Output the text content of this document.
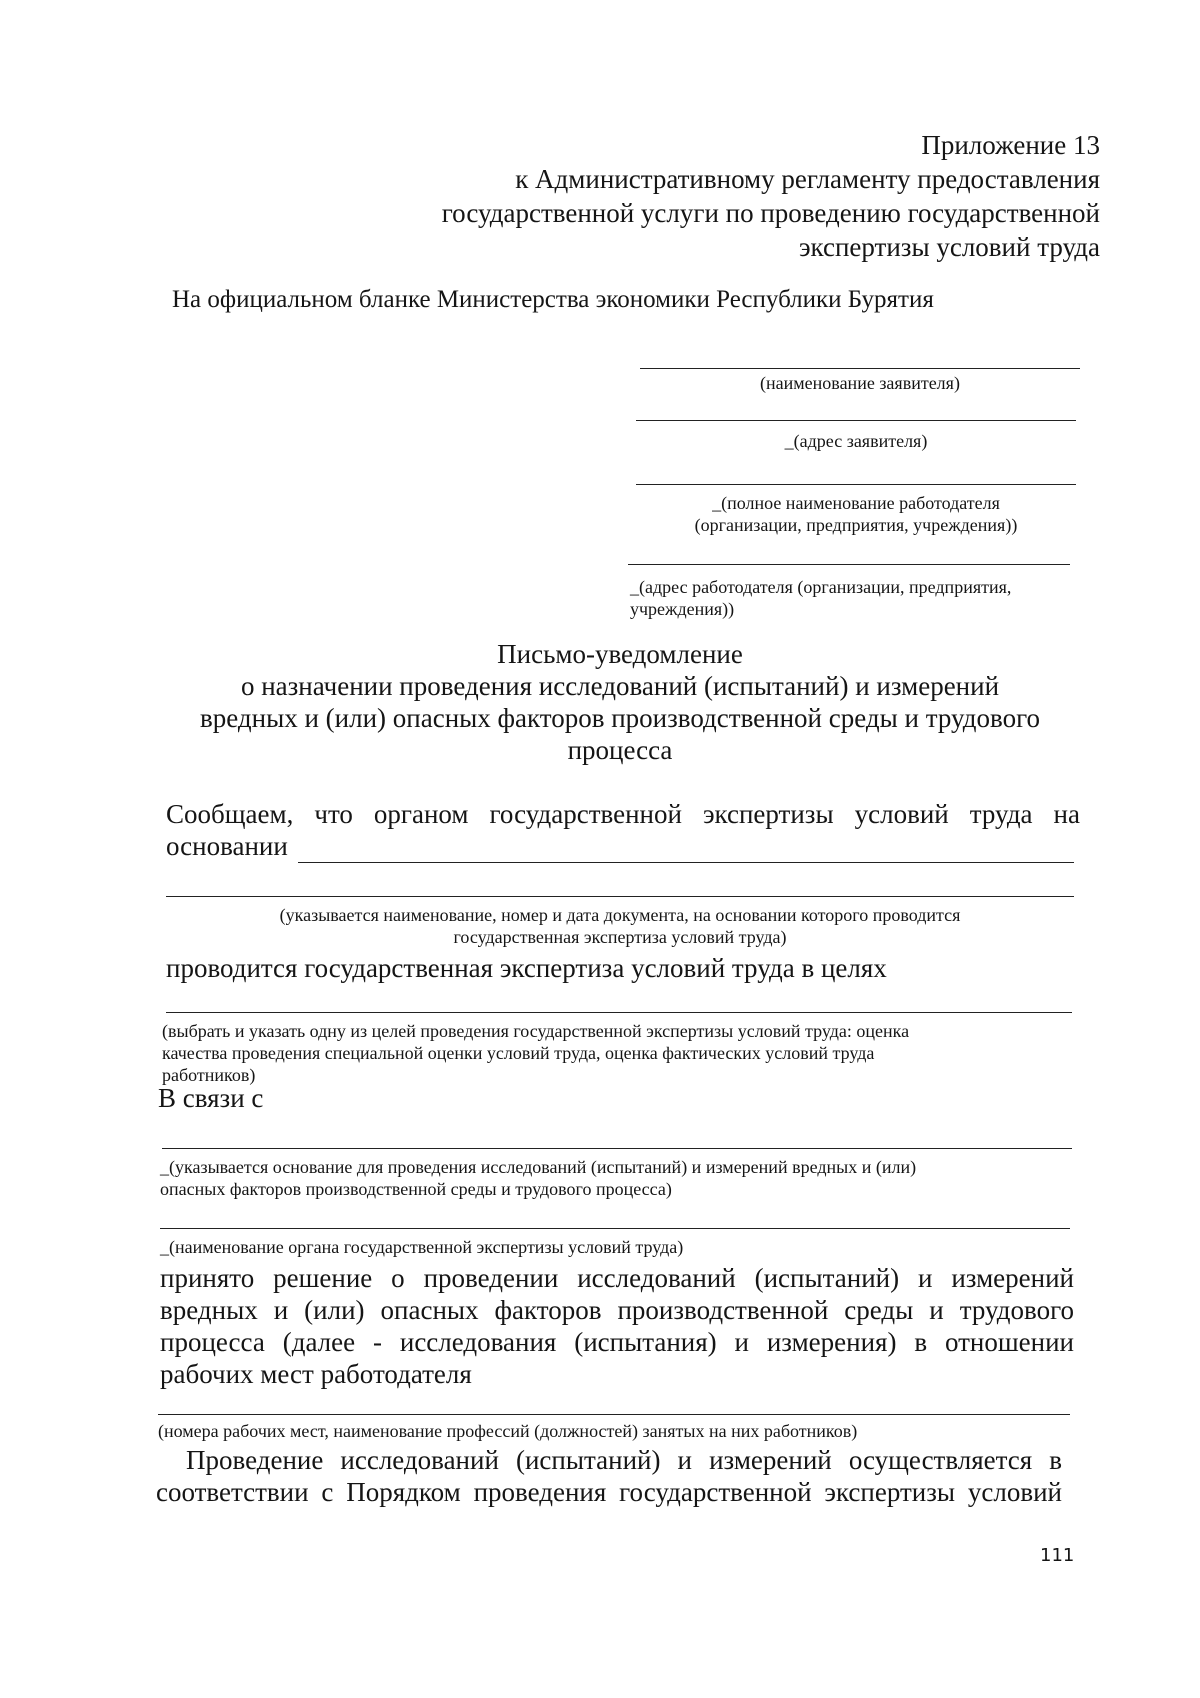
Приложение 13
к Административному регламенту предоставления
государственной услуги по проведению государственной
экспертизы условий труда
На официальном бланке Министерства экономики Республики Бурятия
(наименование заявителя)
_(адрес заявителя)
_(полное наименование работодателя
(организации, предприятия, учреждения))
_(адрес работодателя (организации, предприятия,
учреждения))
Письмо-уведомление
о назначении проведения исследований (испытаний) и измерений
вредных и (или) опасных факторов производственной среды и трудового
процесса
Сообщаем, что органом государственной экспертизы условий труда на
основании
(указывается наименование, номер и дата документа, на основании которого проводится
государственная экспертиза условий труда)
проводится государственная экспертиза условий труда в целях
(выбрать и указать одну из целей проведения государственной экспертизы условий труда: оценка
качества проведения специальной оценки условий труда, оценка фактических условий труда
работников)
В связи с
_(указывается основание для проведения исследований (испытаний) и измерений вредных и (или)
опасных факторов производственной среды и трудового процесса)
_(наименование органа государственной экспертизы условий труда)
принято решение о проведении исследований (испытаний) и измерений
вредных и (или) опасных факторов производственной среды и трудового
процесса (далее - исследования (испытания) и измерения) в отношении
рабочих мест работодателя
(номера рабочих мест, наименование профессий (должностей) занятых на них работников)
Проведение исследований (испытаний) и измерений осуществляется в
соответствии с Порядком проведения государственной экспертизы условий
111
